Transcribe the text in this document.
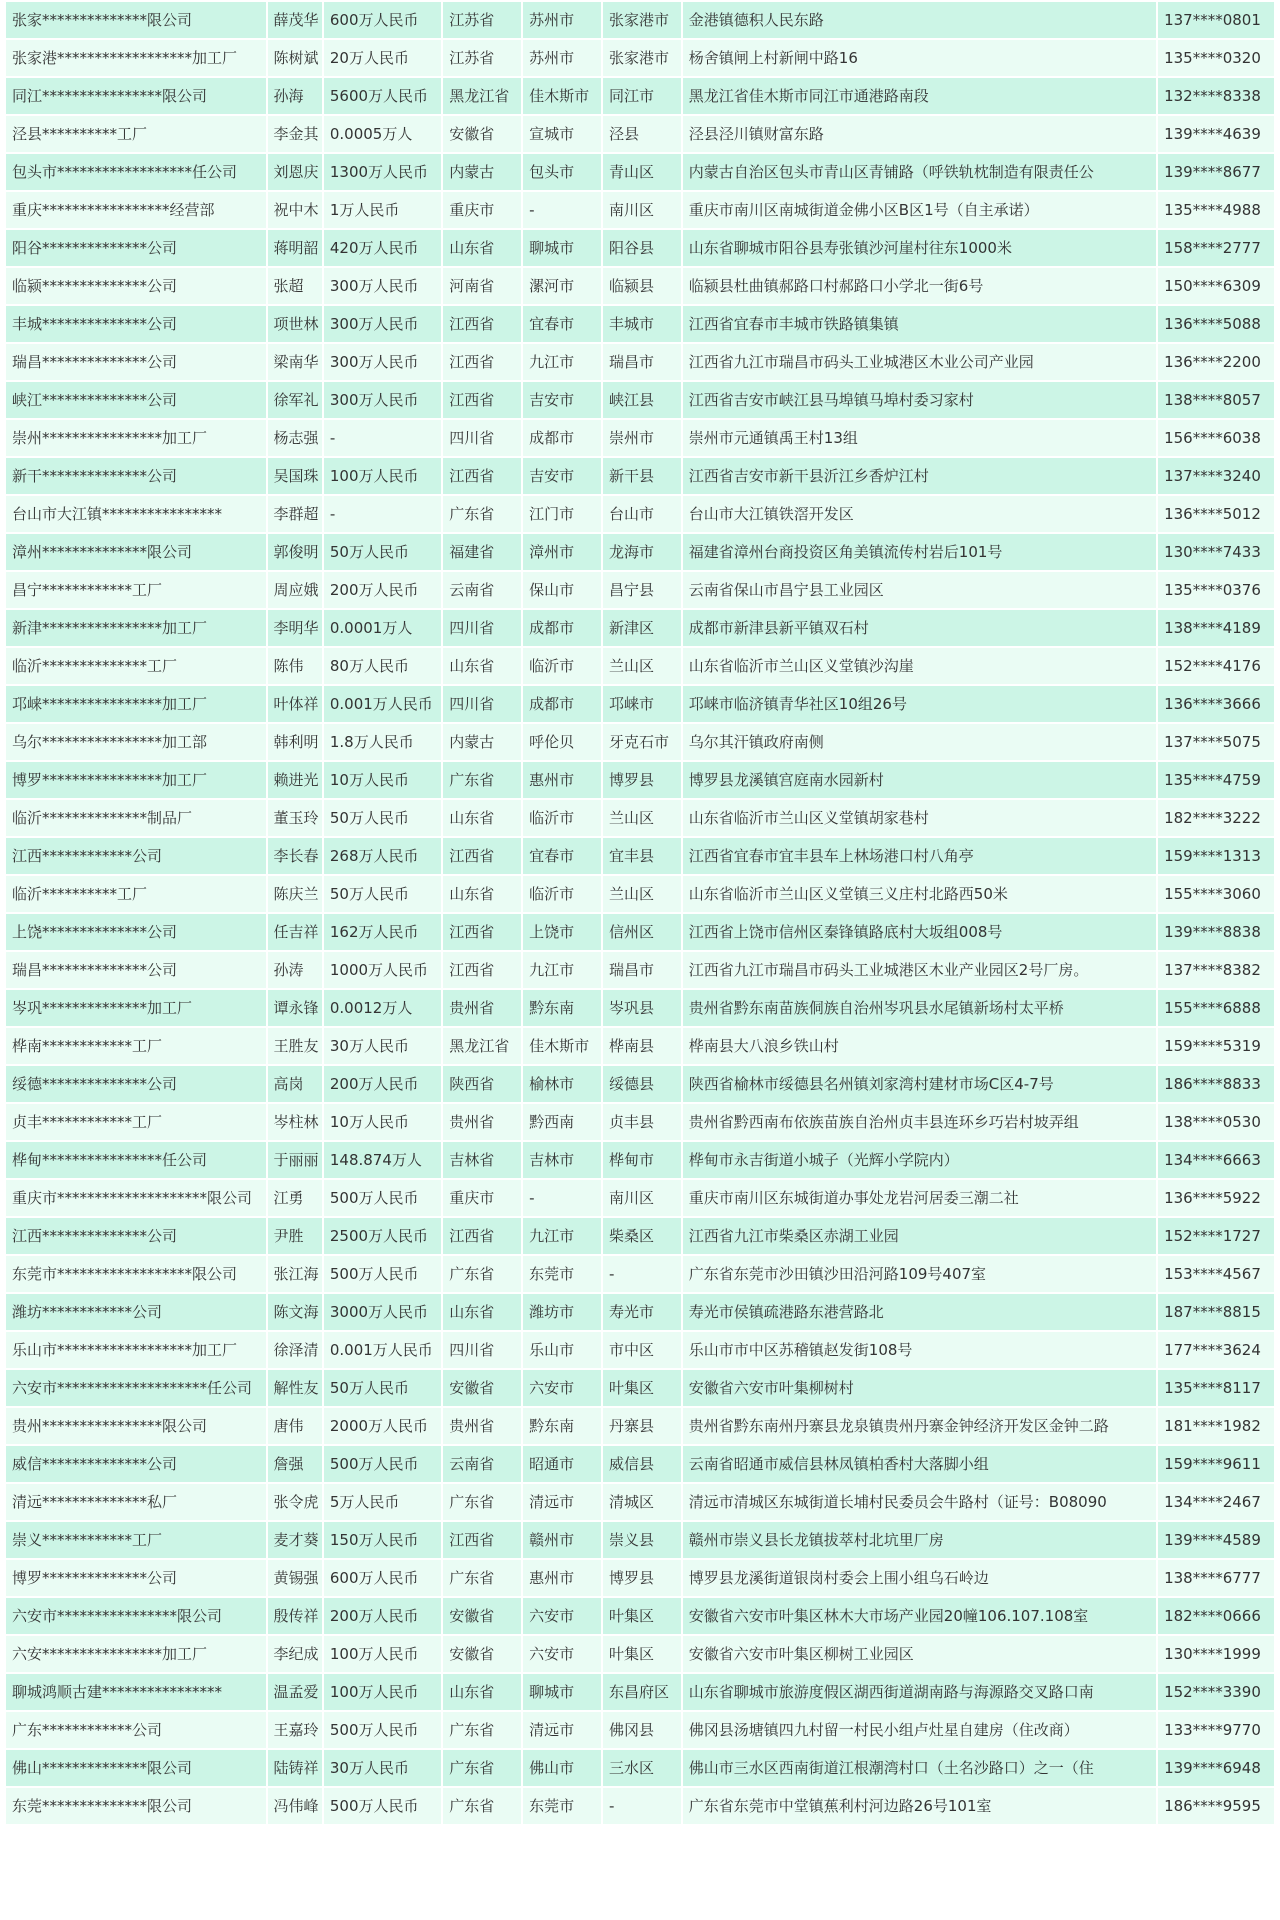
张家**************限公司	薛茂华	600万人民币	江苏省	苏州市	张家港市	金港镇德积人民东路	137****0801
张家港******************加工厂	陈树斌	20万人民币	江苏省	苏州市	张家港市	杨舍镇闸上村新闸中路16	135****0320
同江****************限公司	孙海	5600万人民币	黑龙江省	佳木斯市	同江市	黑龙江省佳木斯市同江市通港路南段	132****8338
泾县**********工厂	李金其	0.0005万人	安徽省	宣城市	泾县	泾县泾川镇财富东路	139****4639
包头市******************任公司	刘恩庆	1300万人民币	内蒙古	包头市	青山区	内蒙古自治区包头市青山区青铺路（呼铁轨枕制造有限责任公	139****8677
重庆*****************经营部	祝中木	1万人民币	重庆市	-	南川区	重庆市南川区南城街道金佛小区B区1号（自主承诺）	135****4988
阳谷**************公司	蒋明韶	420万人民币	山东省	聊城市	阳谷县	山东省聊城市阳谷县寿张镇沙河崖村往东1000米	158****2777
临颍**************公司	张超	300万人民币	河南省	漯河市	临颍县	临颍县杜曲镇郝路口村郝路口小学北一街6号	150****6309
丰城**************公司	项世林	300万人民币	江西省	宜春市	丰城市	江西省宜春市丰城市铁路镇集镇	136****5088
瑞昌**************公司	梁南华	300万人民币	江西省	九江市	瑞昌市	江西省九江市瑞昌市码头工业城港区木业公司产业园	136****2200
峡江**************公司	徐军礼	300万人民币	江西省	吉安市	峡江县	江西省吉安市峡江县马埠镇马埠村委习家村	138****8057
崇州****************加工厂	杨志强	-	四川省	成都市	崇州市	崇州市元通镇禹王村13组	156****6038
新干**************公司	吴国珠	100万人民币	江西省	吉安市	新干县	江西省吉安市新干县沂江乡香炉江村	137****3240
台山市大江镇****************	李群超	-	广东省	江门市	台山市	台山市大江镇铁滘开发区	136****5012
漳州**************限公司	郭俊明	50万人民币	福建省	漳州市	龙海市	福建省漳州台商投资区角美镇流传村岩后101号	130****7433
昌宁************工厂	周应娥	200万人民币	云南省	保山市	昌宁县	云南省保山市昌宁县工业园区	135****0376
新津****************加工厂	李明华	0.0001万人	四川省	成都市	新津区	成都市新津县新平镇双石村	138****4189
临沂**************工厂	陈伟	80万人民币	山东省	临沂市	兰山区	山东省临沂市兰山区义堂镇沙沟崖	152****4176
邛崃****************加工厂	叶体祥	0.001万人民币	四川省	成都市	邛崃市	邛崃市临济镇青华社区10组26号	136****3666
乌尔****************加工部	韩利明	1.8万人民币	内蒙古	呼伦贝	牙克石市	乌尔其汗镇政府南侧	137****5075
博罗****************加工厂	赖进光	10万人民币	广东省	惠州市	博罗县	博罗县龙溪镇宫庭南水园新村	135****4759
临沂**************制品厂	董玉玲	50万人民币	山东省	临沂市	兰山区	山东省临沂市兰山区义堂镇胡家巷村	182****3222
江西************公司	李长春	268万人民币	江西省	宜春市	宜丰县	江西省宜春市宜丰县车上林场港口村八角亭	159****1313
临沂**********工厂	陈庆兰	50万人民币	山东省	临沂市	兰山区	山东省临沂市兰山区义堂镇三义庄村北路西50米	155****3060
上饶**************公司	任吉祥	162万人民币	江西省	上饶市	信州区	江西省上饶市信州区秦锋镇路底村大坂组008号	139****8838
瑞昌**************公司	孙涛	1000万人民币	江西省	九江市	瑞昌市	江西省九江市瑞昌市码头工业城港区木业产业园区2号厂房。	137****8382
岑巩**************加工厂	谭永锋	0.0012万人	贵州省	黔东南	岑巩县	贵州省黔东南苗族侗族自治州岑巩县水尾镇新场村太平桥	155****6888
桦南************工厂	王胜友	30万人民币	黑龙江省	佳木斯市	桦南县	桦南县大八浪乡铁山村	159****5319
绥德**************公司	高岗	200万人民币	陕西省	榆林市	绥德县	陕西省榆林市绥德县名州镇刘家湾村建材市场C区4-7号	186****8833
贞丰************工厂	岑柱林	10万人民币	贵州省	黔西南	贞丰县	贵州省黔西南布依族苗族自治州贞丰县连环乡巧岩村坡弄组	138****0530
桦甸****************任公司	于丽丽	148.874万人	吉林省	吉林市	桦甸市	桦甸市永吉街道小城子（光辉小学院内）	134****6663
重庆市********************限公司	江勇	500万人民币	重庆市	-	南川区	重庆市南川区东城街道办事处龙岩河居委三潮二社	136****5922
江西**************公司	尹胜	2500万人民币	江西省	九江市	柴桑区	江西省九江市柴桑区赤湖工业园	152****1727
东莞市******************限公司	张江海	500万人民币	广东省	东莞市	-	广东省东莞市沙田镇沙田沿河路109号407室	153****4567
潍坊************公司	陈文海	3000万人民币	山东省	潍坊市	寿光市	寿光市侯镇疏港路东港营路北	187****8815
乐山市******************加工厂	徐泽清	0.001万人民币	四川省	乐山市	市中区	乐山市市中区苏稽镇赵发街108号	177****3624
六安市********************任公司	解性友	50万人民币	安徽省	六安市	叶集区	安徽省六安市叶集柳树村	135****8117
贵州****************限公司	唐伟	2000万人民币	贵州省	黔东南	丹寨县	贵州省黔东南州丹寨县龙泉镇贵州丹寨金钟经济开发区金钟二路	181****1982
威信**************公司	詹强	500万人民币	云南省	昭通市	威信县	云南省昭通市威信县林凤镇柏香村大落脚小组	159****9611
清远**************私厂	张令虎	5万人民币	广东省	清远市	清城区	清远市清城区东城街道长埔村民委员会牛路村（证号：B08090	134****2467
崇义************工厂	麦才葵	150万人民币	江西省	赣州市	崇义县	赣州市崇义县长龙镇拔萃村北坑里厂房	139****4589
博罗**************公司	黄锡强	600万人民币	广东省	惠州市	博罗县	博罗县龙溪街道银岗村委会上围小组乌石岭边	138****6777
六安市****************限公司	殷传祥	200万人民币	安徽省	六安市	叶集区	安徽省六安市叶集区林木大市场产业园20幢106.107.108室	182****0666
六安****************加工厂	李纪成	100万人民币	安徽省	六安市	叶集区	安徽省六安市叶集区柳树工业园区	130****1999
聊城鸿顺古建****************	温孟爱	100万人民币	山东省	聊城市	东昌府区	山东省聊城市旅游度假区湖西街道湖南路与海源路交叉路口南	152****3390
广东************公司	王嘉玲	500万人民币	广东省	清远市	佛冈县	佛冈县汤塘镇四九村留一村民小组卢灶星自建房（住改商）	133****9770
佛山**************限公司	陆铸祥	30万人民币	广东省	佛山市	三水区	佛山市三水区西南街道江根潮湾村口（土名沙路口）之一（住	139****6948
东莞**************限公司	冯伟峰	500万人民币	广东省	东莞市	-	广东省东莞市中堂镇蕉利村河边路26号101室	186****9595
